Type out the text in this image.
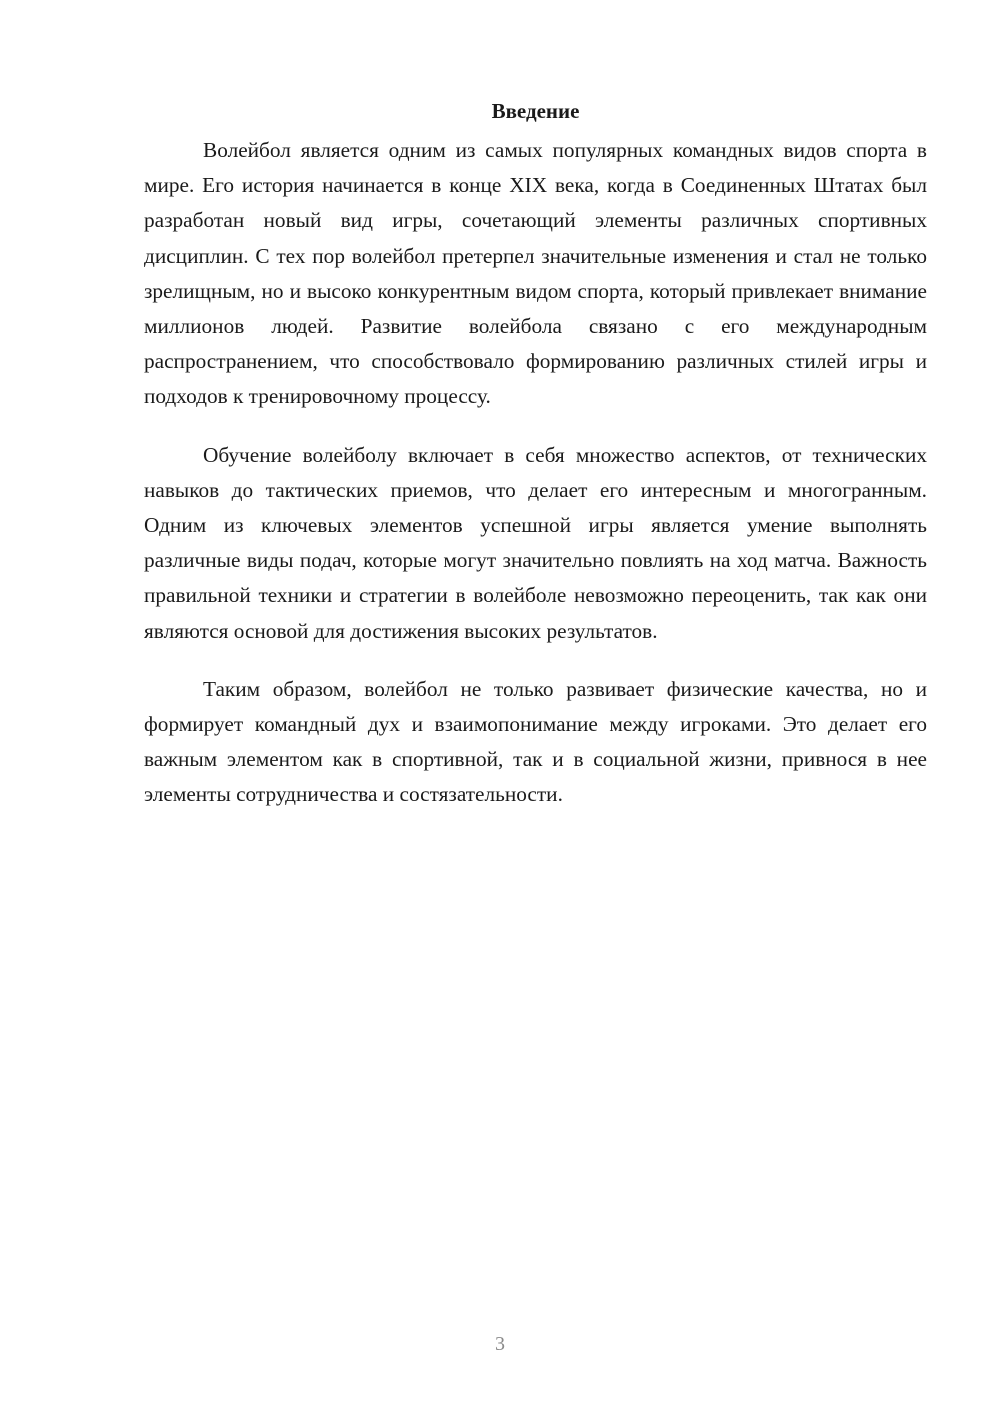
Введение

Волейбол является одним из самых популярных командных видов спорта в мире. Его история начинается в конце XIX века, когда в Соединенных Штатах был разработан новый вид игры, сочетающий элементы различных спортивных дисциплин. С тех пор волейбол претерпел значительные изменения и стал не только зрелищным, но и высоко конкурентным видом спорта, который привлекает внимание миллионов людей. Развитие волейбола связано с его международным распространением, что способствовало формированию различных стилей игры и подходов к тренировочному процессу.

Обучение волейболу включает в себя множество аспектов, от технических навыков до тактических приемов, что делает его интересным и многогранным. Одним из ключевых элементов успешной игры является умение выполнять различные виды подач, которые могут значительно повлиять на ход матча. Важность правильной техники и стратегии в волейболе невозможно переоценить, так как они являются основой для достижения высоких результатов.

Таким образом, волейбол не только развивает физические качества, но и формирует командный дух и взаимопонимание между игроками. Это делает его важным элементом как в спортивной, так и в социальной жизни, привнося в нее элементы сотрудничества и состязательности.

3
